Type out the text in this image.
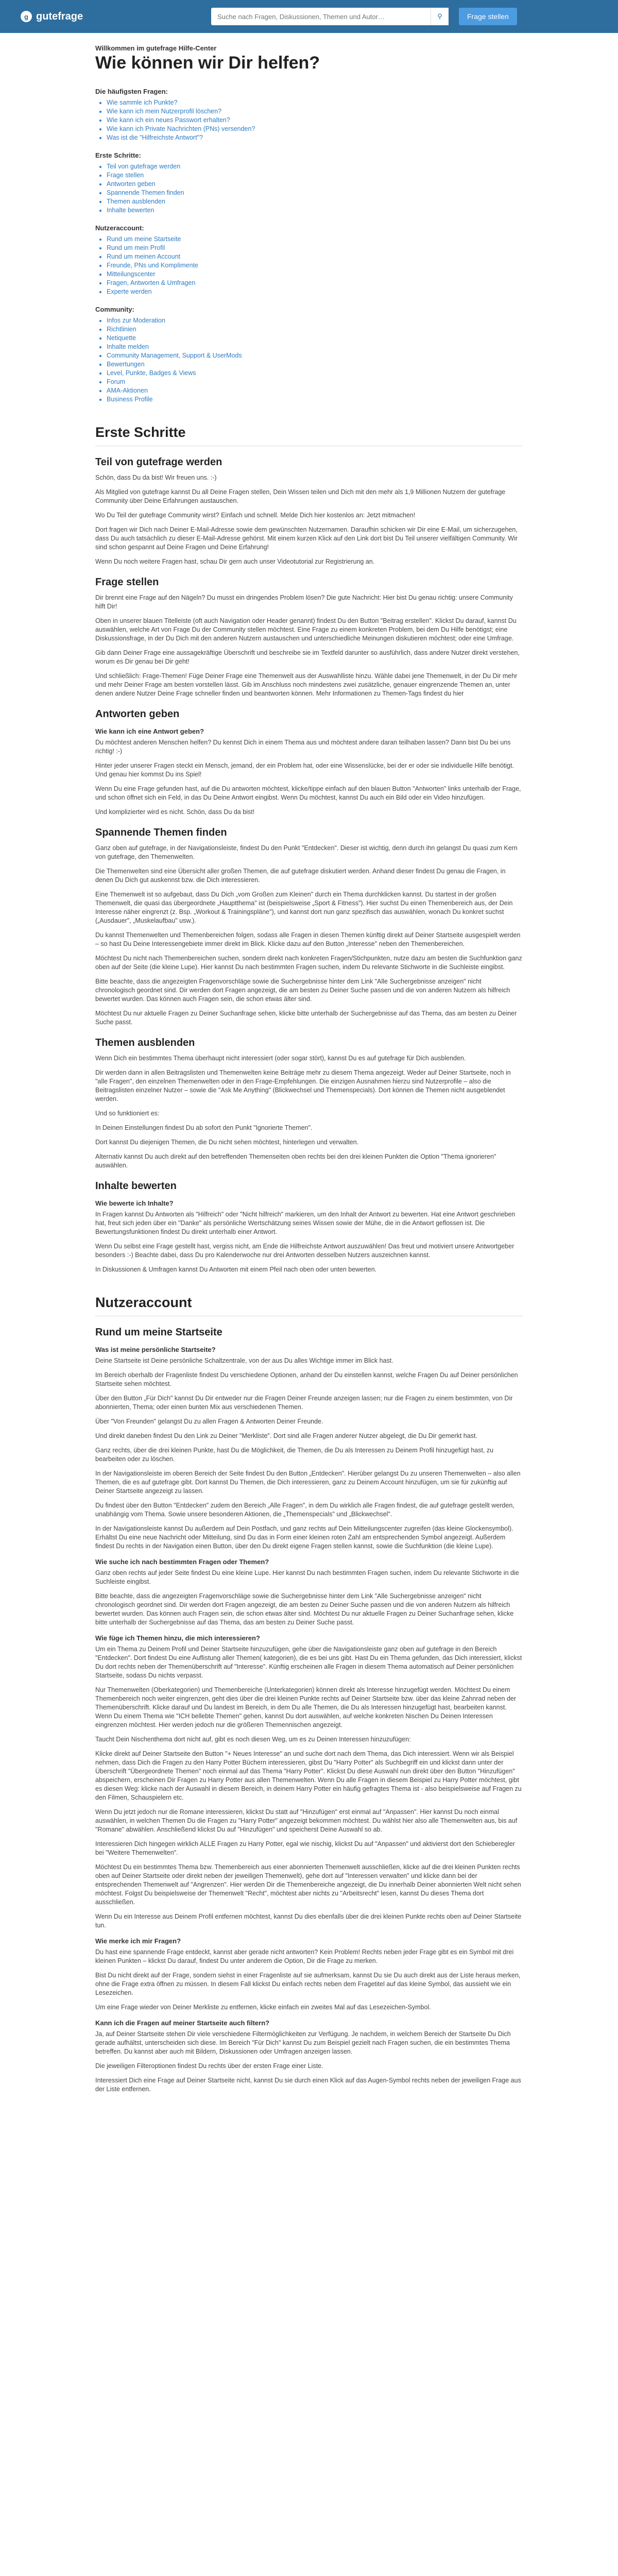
g gutefrage
Suche nach Fragen, Diskussionen, Themen und Autor…	⚲	Frage stellen
Willkommen im gutefrage Hilfe-Center
Wie können wir Dir helfen?
Die häufigsten Fragen:
• Wie sammle ich Punkte?
• Wie kann ich mein Nutzerprofil löschen?
• Wie kann ich ein neues Passwort erhalten?
• Wie kann ich Private Nachrichten (PNs) versenden?
• Was ist die "Hilfreichste Antwort"?
Erste Schritte:
• Teil von gutefrage werden
• Frage stellen
• Antworten geben
• Spannende Themen finden
• Themen ausblenden
• Inhalte bewerten
Nutzeraccount:
• Rund um meine Startseite
• Rund um mein Profil
• Rund um meinen Account
• Freunde, PNs und Komplimente
• Mitteilungscenter
• Fragen, Antworten & Umfragen
• Experte werden
Community:
• Infos zur Moderation
• Richtlinien
• Netiquette
• Inhalte melden
• Community Management, Support & UserMods
• Bewertungen
• Level, Punkte, Badges & Views
• Forum
• AMA-Aktionen
• Business Profile
Erste Schritte
Teil von gutefrage werden

Schön, dass Du da bist! Wir freuen uns. :-)

Als Mitglied von gutefrage kannst Du all Deine Fragen stellen, Dein Wissen teilen und Dich mit den mehr als 1,9 Millionen Nutzern der gutefrage Community über Deine Erfahrungen austauschen.

Wo Du Teil der gutefrage Community wirst? Einfach und schnell. Melde Dich hier kostenlos an: Jetzt mitmachen!

Dort fragen wir Dich nach Deiner E-Mail-Adresse sowie dem gewünschten Nutzernamen. Daraufhin schicken wir Dir eine E-Mail, um sicherzugehen, dass Du auch tatsächlich zu dieser E-Mail-Adresse gehörst. Mit einem kurzen Klick auf den Link dort bist Du Teil unserer vielfältigen Community. Wir sind schon gespannt auf Deine Fragen und Deine Erfahrung!

Wenn Du noch weitere Fragen hast, schau Dir gern auch unser Videotutorial zur Registrierung an.

Frage stellen

Dir brennt eine Frage auf den Nägeln? Du musst ein dringendes Problem lösen? Die gute Nachricht: Hier bist Du genau richtig: unsere Community hilft Dir!

Oben in unserer blauen Titelleiste (oft auch Navigation oder Header genannt) findest Du den Button "Beitrag erstellen". Klickst Du darauf, kannst Du auswählen, welche Art von Frage Du der Community stellen möchtest. Eine Frage zu einem konkreten Problem, bei dem Du Hilfe benötigst; eine Diskussionsfrage, in der Du Dich mit den anderen Nutzern austauschen und unterschiedliche Meinungen diskutieren möchtest; oder eine Umfrage.

Gib dann Deiner Frage eine aussagekräftige Überschrift und beschreibe sie im Textfeld darunter so ausführlich, dass andere Nutzer direkt verstehen, worum es Dir genau bei Dir geht!

Und schließlich: Frage-Themen! Füge Deiner Frage eine Themenwelt aus der Auswahlliste hinzu. Wähle dabei jene Themenwelt, in der Du Dir mehr und mehr Deiner Frage am besten vorstellen lässt. Gib im Anschluss noch mindestens zwei zusätzliche, genauer eingrenzende Themen an, unter denen andere Nutzer Deine Frage schneller finden und beantworten können. Mehr Informationen zu Themen-Tags findest du hier

Antworten geben
Wie kann ich eine Antwort geben?

Du möchtest anderen Menschen helfen? Du kennst Dich in einem Thema aus und möchtest andere daran teilhaben lassen? Dann bist Du bei uns richtig! :-)

Hinter jeder unserer Fragen steckt ein Mensch, jemand, der ein Problem hat, oder eine Wissenslücke, bei der er oder sie individuelle Hilfe benötigt. Und genau hier kommst Du ins Spiel!

Wenn Du eine Frage gefunden hast, auf die Du antworten möchtest, klicke/tippe einfach auf den blauen Button "Antworten" links unterhalb der Frage, und schon öffnet sich ein Feld, in das Du Deine Antwort eingibst. Wenn Du möchtest, kannst Du auch ein Bild oder ein Video hinzufügen.

Und komplizierter wird es nicht. Schön, dass Du da bist!

Spannende Themen finden

Ganz oben auf gutefrage, in der Navigationsleiste, findest Du den Punkt "Entdecken". Dieser ist wichtig, denn durch ihn gelangst Du quasi zum Kern von gutefrage, den Themenwelten.

Die Themenwelten sind eine Übersicht aller großen Themen, die auf gutefrage diskutiert werden. Anhand dieser findest Du genau die Fragen, in denen Du Dich gut auskennst bzw. die Dich interessieren.

Eine Themenwelt ist so aufgebaut, dass Du Dich „vom Großen zum Kleinen" durch ein Thema durchklicken kannst. Du startest in der großen Themenwelt, die quasi das übergeordnete „Hauptthema" ist (beispielsweise „Sport & Fitness"). Hier suchst Du einen Themenbereich aus, der Dein Interesse näher eingrenzt (z. Bsp. „Workout & Trainingspläne"), und kannst dort nun ganz spezifisch das auswählen, wonach Du konkret suchst („Ausdauer", „Muskelaufbau" usw.).

Du kannst Themenwelten und Themenbereichen folgen, sodass alle Fragen in diesen Themen künftig direkt auf Deiner Startseite ausgespielt werden – so hast Du Deine Interessengebiete immer direkt im Blick. Klicke dazu auf den Button „Interesse" neben den Themenbereichen.

Möchtest Du nicht nach Themenbereichen suchen, sondern direkt nach konkreten Fragen/Stichpunkten, nutze dazu am besten die Suchfunktion ganz oben auf der Seite (die kleine Lupe). Hier kannst Du nach bestimmten Fragen suchen, indem Du relevante Stichworte in die Suchleiste eingibst.

Bitte beachte, dass die angezeigten Fragenvorschläge sowie die Suchergebnisse hinter dem Link "Alle Suchergebnisse anzeigen" nicht chronologisch geordnet sind. Dir werden dort Fragen angezeigt, die am besten zu Deiner Suche passen und die von anderen Nutzern als hilfreich bewertet wurden. Das können auch Fragen sein, die schon etwas älter sind.

Möchtest Du nur aktuelle Fragen zu Deiner Suchanfrage sehen, klicke bitte unterhalb der Suchergebnisse auf das Thema, das am besten zu Deiner Suche passt.

Themen ausblenden

Wenn Dich ein bestimmtes Thema überhaupt nicht interessiert (oder sogar stört), kannst Du es auf gutefrage für Dich ausblenden.

Dir werden dann in allen Beitragslisten und Themenwelten keine Beiträge mehr zu diesem Thema angezeigt. Weder auf Deiner Startseite, noch in "alle Fragen", den einzelnen Themenwelten oder in den Frage-Empfehlungen. Die einzigen Ausnahmen hierzu sind Nutzerprofile – also die Beitragslisten einzelner Nutzer – sowie die "Ask Me Anything" (Blickwechsel und Themenspecials). Dort können die Themen nicht ausgeblendet werden.

Und so funktioniert es:

In Deinen Einstellungen findest Du ab sofort den Punkt "Ignorierte Themen".

Dort kannst Du diejenigen Themen, die Du nicht sehen möchtest, hinterlegen und verwalten.

Alternativ kannst Du auch direkt auf den betreffenden Themenseiten oben rechts bei den drei kleinen Punkten die Option "Thema ignorieren" auswählen.

Inhalte bewerten
Wie bewerte ich Inhalte?

In Fragen kannst Du Antworten als "Hilfreich" oder "Nicht hilfreich" markieren, um den Inhalt der Antwort zu bewerten. Hat eine Antwort geschrieben hat, freut sich jeden über ein "Danke" als persönliche Wertschätzung seines Wissen sowie der Mühe, die in die Antwort geflossen ist. Die Bewertungsfunktionen findest Du direkt unterhalb einer Antwort.

Wenn Du selbst eine Frage gestellt hast, vergiss nicht, am Ende die Hilfreichste Antwort auszuwählen! Das freut und motiviert unsere Antwortgeber besonders :-) Beachte dabei, dass Du pro Kalenderwoche nur drei Antworten desselben Nutzers auszeichnen kannst.

In Diskussionen & Umfragen kannst Du Antworten mit einem Pfeil nach oben oder unten bewerten.

Nutzeraccount
Rund um meine Startseite
Was ist meine persönliche Startseite?

Deine Startseite ist Deine persönliche Schaltzentrale, von der aus Du alles Wichtige immer im Blick hast.

Im Bereich oberhalb der Fragenliste findest Du verschiedene Optionen, anhand der Du einstellen kannst, welche Fragen Du auf Deiner persönlichen Startseite sehen möchtest.

Über den Button „Für Dich" kannst Du Dir entweder nur die Fragen Deiner Freunde anzeigen lassen; nur die Fragen zu einem bestimmten, von Dir abonnierten, Thema; oder einen bunten Mix aus verschiedenen Themen.

Über "Von Freunden" gelangst Du zu allen Fragen & Antworten Deiner Freunde.

Und direkt daneben findest Du den Link zu Deiner "Merkliste". Dort sind alle Fragen anderer Nutzer abgelegt, die Du Dir gemerkt hast.

Ganz rechts, über die drei kleinen Punkte, hast Du die Möglichkeit, die Themen, die Du als Interessen zu Deinem Profil hinzugefügt hast, zu bearbeiten oder zu löschen.

In der Navigationsleiste im oberen Bereich der Seite findest Du den Button „Entdecken". Hierüber gelangst Du zu unseren Themenwelten – also allen Themen, die es auf gutefrage gibt. Dort kannst Du Themen, die Dich interessieren, ganz zu Deinem Account hinzufügen, um sie für zukünftig auf Deiner Startseite angezeigt zu lassen.

Du findest über den Button "Entdecken" zudem den Bereich „Alle Fragen", in dem Du wirklich alle Fragen findest, die auf gutefrage gestellt werden, unabhängig vom Thema. Sowie unsere besonderen Aktionen, die „Themenspecials" und „Blickwechsel".

In der Navigationsleiste kannst Du außerdem auf Dein Postfach, und ganz rechts auf Dein Mitteilungscenter zugreifen (das kleine Glockensymbol). Erhältst Du eine neue Nachricht oder Mitteilung, sind Du das in Form einer kleinen roten Zahl am entsprechenden Symbol angezeigt. Außerdem findest Du rechts in der Navigation einen Button, über den Du direkt eigene Fragen stellen kannst, sowie die Suchfunktion (die kleine Lupe).

Wie suche ich nach bestimmten Fragen oder Themen?

Ganz oben rechts auf jeder Seite findest Du eine kleine Lupe. Hier kannst Du nach bestimmten Fragen suchen, indem Du relevante Stichworte in die Suchleiste eingibst.

Bitte beachte, dass die angezeigten Fragenvorschläge sowie die Suchergebnisse hinter dem Link "Alle Suchergebnisse anzeigen" nicht chronologisch geordnet sind. Dir werden dort Fragen angezeigt, die am besten zu Deiner Suche passen und die von anderen Nutzern als hilfreich bewertet wurden. Das können auch Fragen sein, die schon etwas älter sind. Möchtest Du nur aktuelle Fragen zu Deiner Suchanfrage sehen, klicke bitte unterhalb der Suchergebnisse auf das Thema, das am besten zu Deiner Suche passt.

Wie füge ich Themen hinzu, die mich interessieren?

Um ein Thema zu Deinem Profil und Deiner Startseite hinzuzufügen, gehe über die Navigationsleiste ganz oben auf gutefrage in den Bereich "Entdecken". Dort findest Du eine Auflistung aller Themen( kategorien), die es bei uns gibt. Hast Du ein Thema gefunden, das Dich interessiert, klickst Du dort rechts neben der Themenüberschrift auf "Interesse". Künftig erscheinen alle Fragen in diesem Thema automatisch auf Deiner persönlichen Startseite, sodass Du nichts verpasst.

Nur Themenwelten (Oberkategorien) und Themenbereiche (Unterkategorien) können direkt als Interesse hinzugefügt werden. Möchtest Du einem Themenbereich noch weiter eingrenzen, geht dies über die drei kleinen Punkte rechts auf Deiner Startseite bzw. über das kleine Zahnrad neben der Themenüberschrift. Klicke darauf und Du landest im Bereich, in dem Du alle Themen, die Du als Interessen hinzugefügt hast, bearbeiten kannst. Wenn Du einem Thema wie "ICH bellebte Themen" gehen, kannst Du dort auswählen, auf welche konkreten Nischen Du Deinen Interessen eingrenzen möchtest. Hier werden jedoch nur die größeren Themennischen angezeigt.

Taucht Dein Nischenthema dort nicht auf, gibt es noch diesen Weg, um es zu Deinen Interessen hinzuzufügen:

Klicke direkt auf Deiner Startseite den Button "+ Neues Interesse" an und suche dort nach dem Thema, das Dich interessiert. Wenn wir als Beispiel nehmen, dass Dich die Fragen zu den Harry Potter Büchern interessieren, gibst Du "Harry Potter" als Suchbegriff ein und klickst dann unter der Überschrift "Übergeordnete Themen" noch einmal auf das Thema "Harry Potter". Klickst Du diese Auswahl nun direkt über den Button "Hinzufügen" abspeichern, erscheinen Dir Fragen zu Harry Potter aus allen Themenwelten. Wenn Du alle Fragen in diesem Beispiel zu Harry Potter möchtest, gibt es diesen Weg: klicke nach der Auswahl in diesem Bereich, in deinem Harry Potter ein häufig gefragtes Thema ist - also beispielsweise auf Fragen zu den Filmen, Schauspielern etc.

Wenn Du jetzt jedoch nur die Romane interessieren, klickst Du statt auf "Hinzufügen" erst einmal auf "Anpassen". Hier kannst Du noch einmal auswählen, in welchen Themen Du die Fragen zu "Harry Potter" angezeigt bekommen möchtest. Du wählst hier also alle Themenwelten aus, bis auf "Romane" abwählen. Anschließend klickst Du auf "Hinzufügen" und speicherst Deine Auswahl so ab.

Interessieren Dich hingegen wirklich ALLE Fragen zu Harry Potter, egal wie nischig, klickst Du auf "Anpassen" und aktivierst dort den Schieberegler bei "Weitere Themenwelten".

Möchtest Du ein bestimmtes Thema bzw. Themenbereich aus einer abonnierten Themenwelt ausschließen, klicke auf die drei kleinen Punkten rechts oben auf Deiner Startseite oder direkt neben der jeweiligen Themenwelt), gehe dort auf "Interessen verwalten" und klicke dann bei der entsprechenden Themenwelt auf "Angrenzen". Hier werden Dir die Themenbereiche angezeigt, die Du innerhalb Deiner abonnierten Welt nicht sehen möchtest. Folgst Du beispielsweise der Themenwelt "Recht", möchtest aber nichts zu "Arbeitsrecht" lesen, kannst Du dieses Thema dort ausschließen.

Wenn Du ein Interesse aus Deinem Profil entfernen möchtest, kannst Du dies ebenfalls über die drei kleinen Punkte rechts oben auf Deiner Startseite tun.

Wie merke ich mir Fragen?

Du hast eine spannende Frage entdeckt, kannst aber gerade nicht antworten? Kein Problem! Rechts neben jeder Frage gibt es ein Symbol mit drei kleinen Punkten – klickst Du darauf, findest Du unter anderem die Option, Dir die Frage zu merken.

Bist Du nicht direkt auf der Frage, sondern siehst in einer Fragenliste auf sie aufmerksam, kannst Du sie Du auch direkt aus der Liste heraus merken, ohne die Frage extra öffnen zu müssen. In diesem Fall klickst Du einfach rechts neben dem Fragetitel auf das kleine Symbol, das aussieht wie ein Lesezeichen.

Um eine Frage wieder von Deiner Merkliste zu entfernen, klicke einfach ein zweites Mal auf das Lesezeichen-Symbol.

Kann ich die Fragen auf meiner Startseite auch filtern?

Ja, auf Deiner Startseite stehen Dir viele verschiedene Filtermöglichkeiten zur Verfügung. Je nachdem, in welchem Bereich der Startseite Du Dich gerade aufhältst, unterscheiden sich diese. Im Bereich "Für Dich" kannst Du zum Beispiel gezielt nach Fragen suchen, die ein bestimmtes Thema betreffen. Du kannst aber auch mit Bildern, Diskussionen oder Umfragen anzeigen lassen.

Die jeweiligen Filteroptionen findest Du rechts über der ersten Frage einer Liste.

Interessiert Dich eine Frage auf Deiner Startseite nicht, kannst Du sie durch einen Klick auf das Augen-Symbol rechts neben der jeweiligen Frage aus der Liste entfernen.
